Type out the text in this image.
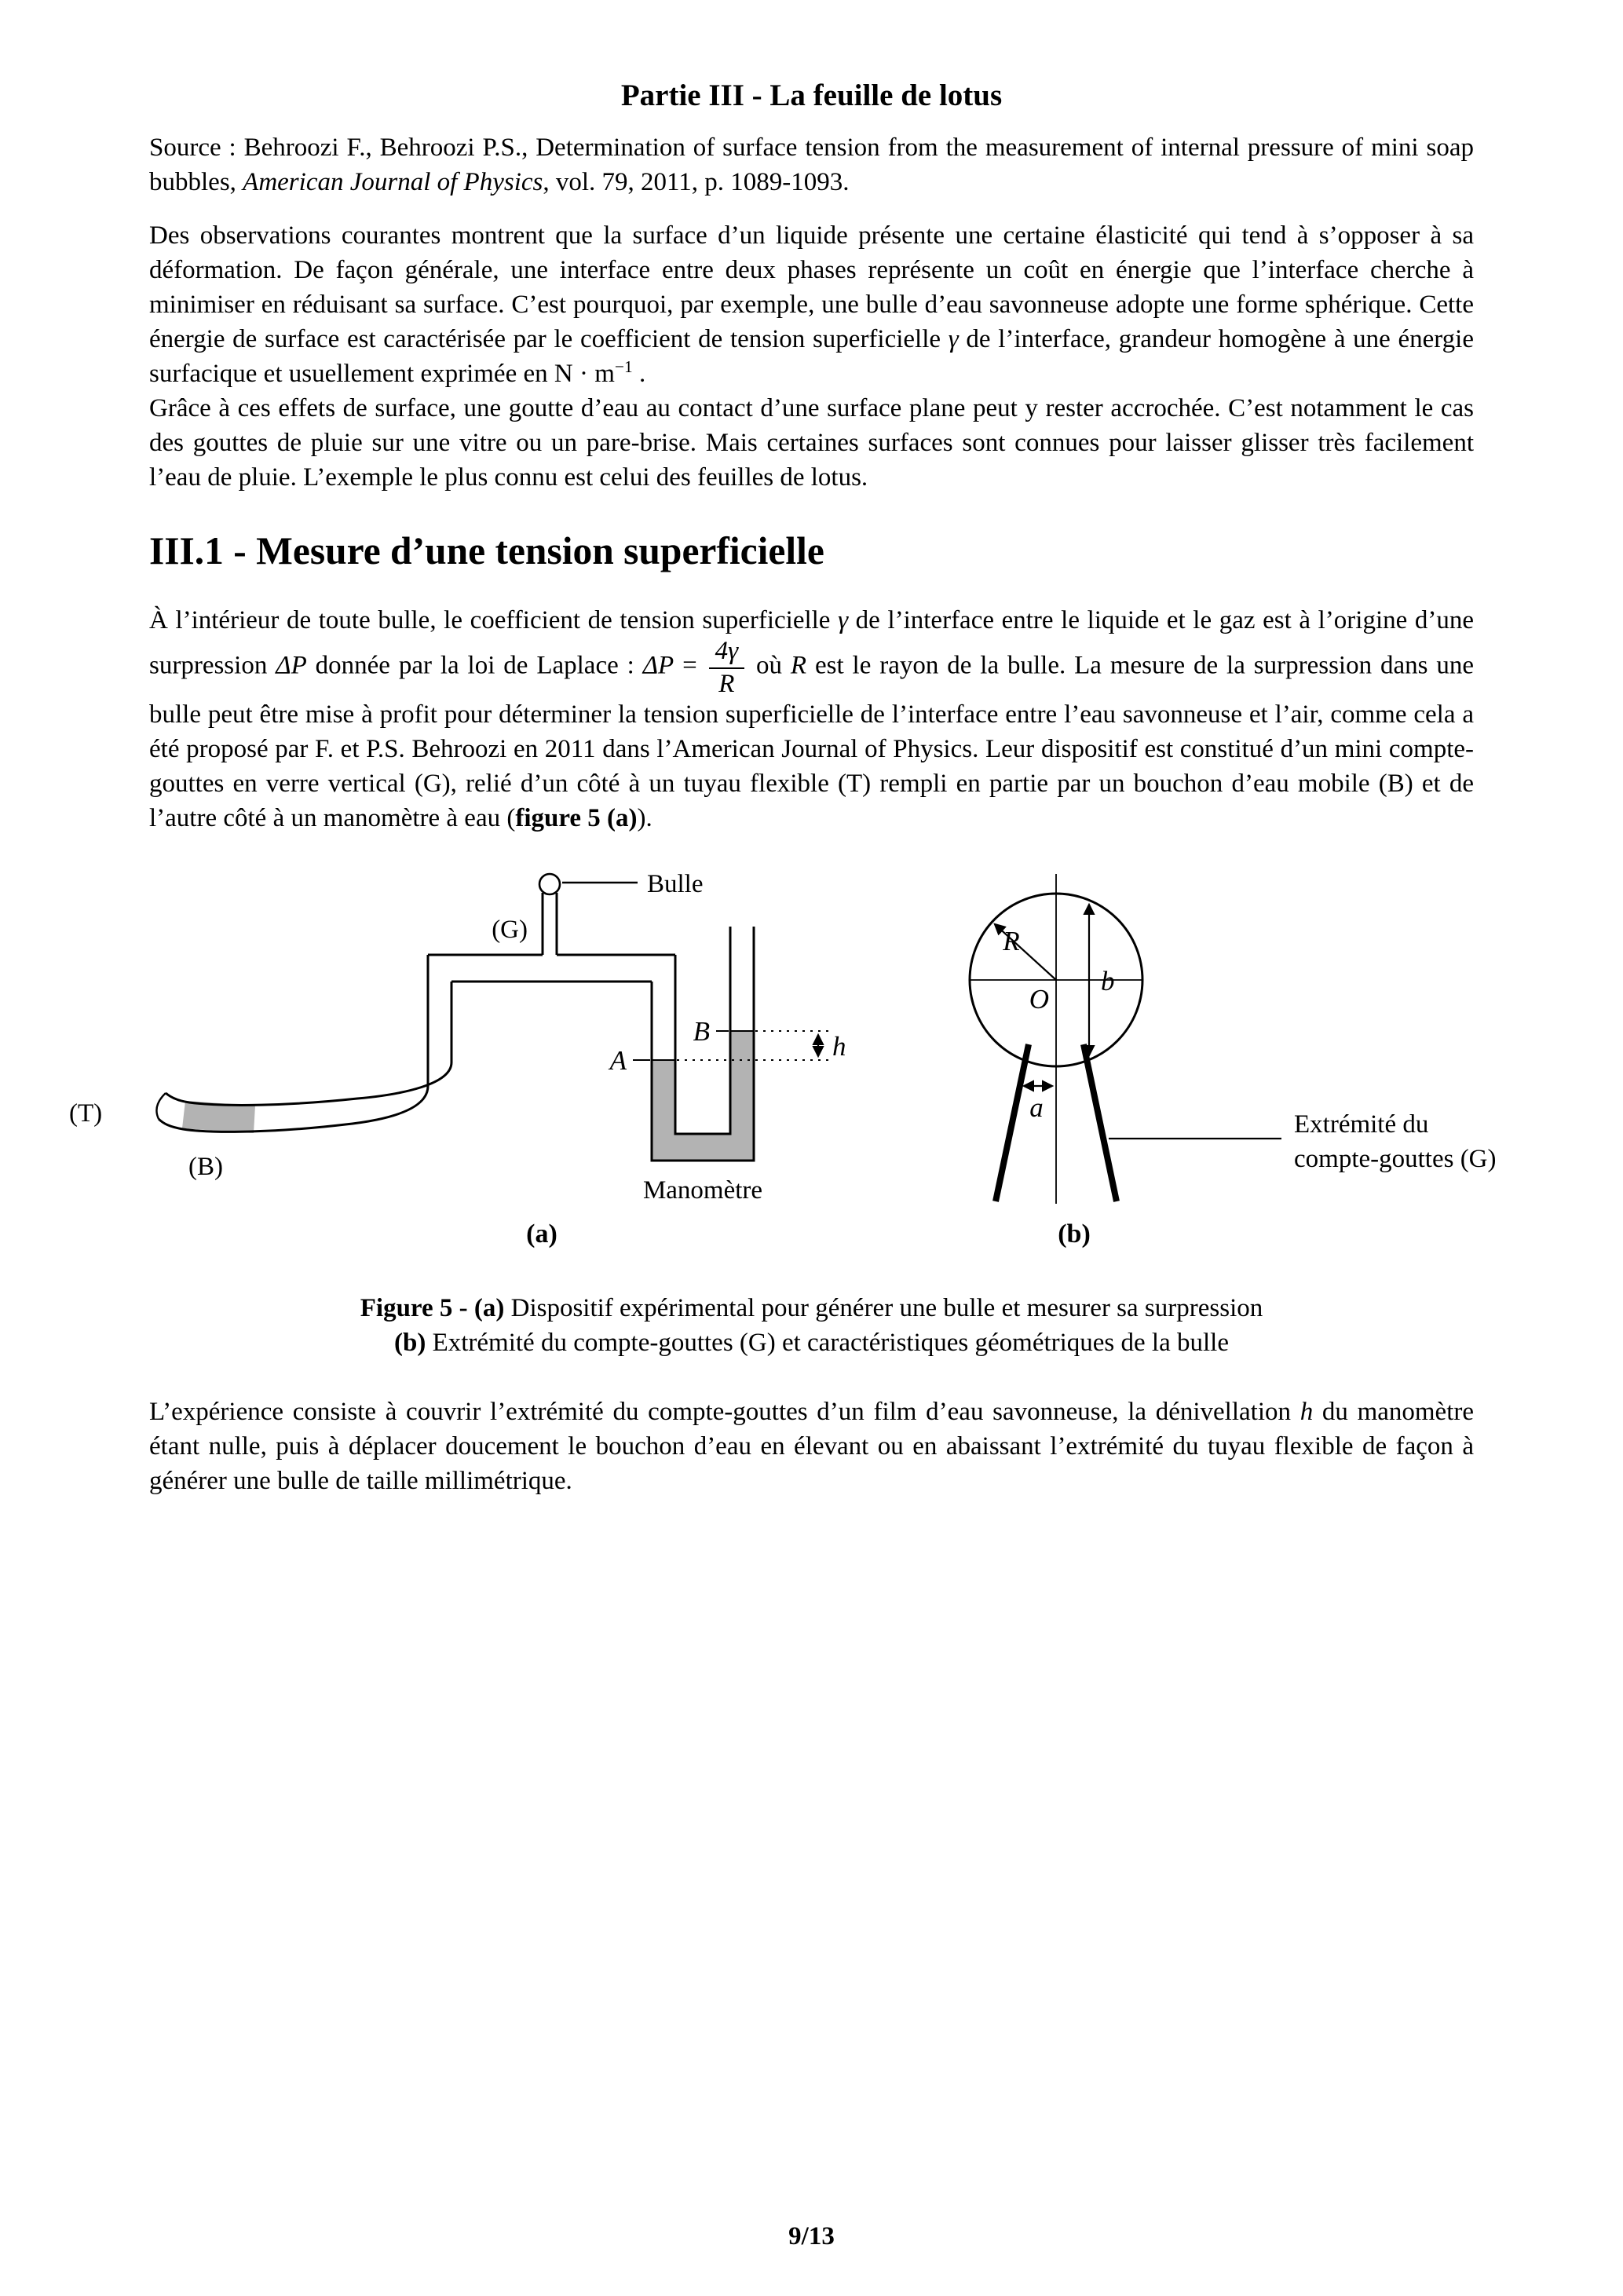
Partie III - La feuille de lotus

Source : Behroozi F., Behroozi P.S., Determination of surface tension from the measurement of internal pressure of mini soap bubbles, American Journal of Physics, vol. 79, 2011, p. 1089-1093.

Des observations courantes montrent que la surface d’un liquide présente une certaine élasticité qui tend à s’opposer à sa déformation. De façon générale, une interface entre deux phases représente un coût en énergie que l’interface cherche à minimiser en réduisant sa surface. C’est pourquoi, par exemple, une bulle d’eau savonneuse adopte une forme sphérique. Cette énergie de surface est caractérisée par le coefficient de tension superficielle γ de l’interface, grandeur homogène à une énergie surfacique et usuellement exprimée en $N \cdot m^{-1}$ .

Grâce à ces effets de surface, une goutte d’eau au contact d’une surface plane peut y rester accrochée. C’est notamment le cas des gouttes de pluie sur une vitre ou un pare-brise. Mais certaines surfaces sont connues pour laisser glisser très facilement l’eau de pluie. L’exemple le plus connu est celui des feuilles de lotus.

III.1 - Mesure d’une tension superficielle

À l’intérieur de toute bulle, le coefficient de tension superficielle γ de l’interface entre le liquide et le gaz est à l’origine d’une surpression ΔP donnée par la loi de Laplace : $\Delta P = \frac{4\gamma}{R}$ où R est le rayon de la bulle. La mesure de la surpression dans une bulle peut être mise à profit pour déterminer la tension superficielle de l’interface entre l’eau savonneuse et l’air, comme cela a été proposé par F. et P.S. Behroozi en 2011 dans l’American Journal of Physics. Leur dispositif est constitué d’un mini compte-gouttes en verre vertical (G), relié d’un côté à un tuyau flexible (T) rempli en partie par un bouchon d’eau mobile (B) et de l’autre côté à un manomètre à eau (figure 5 (a)).

Bulle
(G)
(T)
(B)
A
B	h
Manomètre
(a)
R
b
O
a
Extrémité du
compte-gouttes (G)
(b)
Figure 5 - (a) Dispositif expérimental pour générer une bulle et mesurer sa surpression
(b) Extrémité du compte-gouttes (G) et caractéristiques géométriques de la bulle

L’expérience consiste à couvrir l’extrémité du compte-gouttes d’un film d’eau savonneuse, la dénivellation h du manomètre étant nulle, puis à déplacer doucement le bouchon d’eau en élevant ou en abaissant l’extrémité du tuyau flexible de façon à générer une bulle de taille millimétrique.

9/13
